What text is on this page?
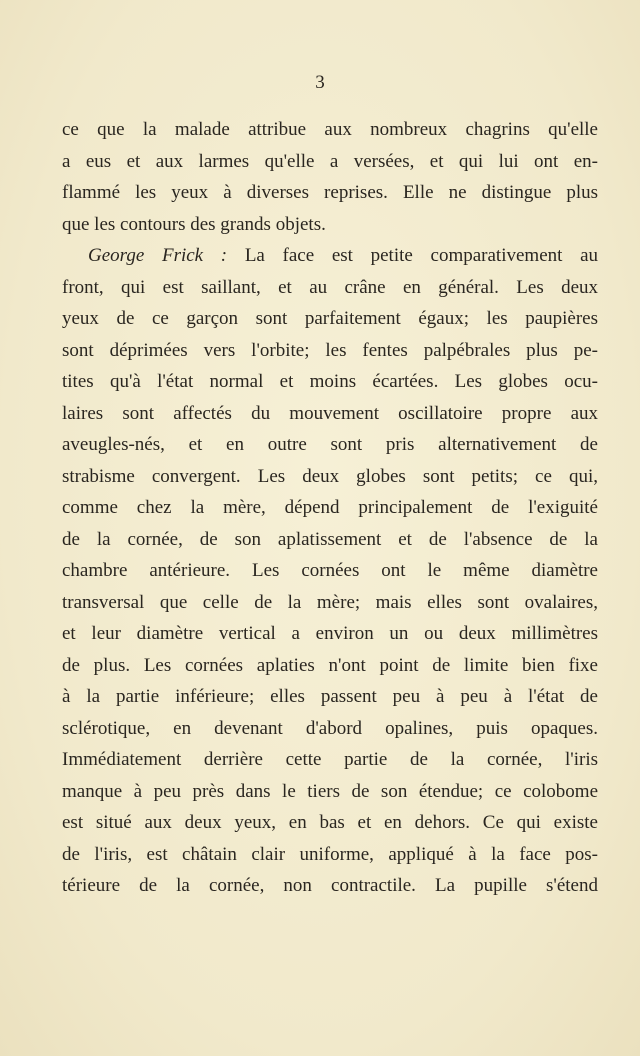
3
ce que la malade attribue aux nombreux chagrins qu'elle
a eus et aux larmes qu'elle a versées, et qui lui ont en-
flammé les yeux à diverses reprises. Elle ne distingue plus
que les contours des grands objets.
George Frick : La face est petite comparativement au
front, qui est saillant, et au crâne en général. Les deux
yeux de ce garçon sont parfaitement égaux; les paupières
sont déprimées vers l'orbite; les fentes palpébrales plus pe-
tites qu'à l'état normal et moins écartées. Les globes ocu-
laires sont affectés du mouvement oscillatoire propre aux
aveugles-nés, et en outre sont pris alternativement de
strabisme convergent. Les deux globes sont petits; ce qui,
comme chez la mère, dépend principalement de l'exiguité
de la cornée, de son aplatissement et de l'absence de la
chambre antérieure. Les cornées ont le même diamètre
transversal que celle de la mère; mais elles sont ovalaires,
et leur diamètre vertical a environ un ou deux millimètres
de plus. Les cornées aplaties n'ont point de limite bien fixe
à la partie inférieure; elles passent peu à peu à l'état de
sclérotique, en devenant d'abord opalines, puis opaques.
Immédiatement derrière cette partie de la cornée, l'iris
manque à peu près dans le tiers de son étendue; ce colobome
est situé aux deux yeux, en bas et en dehors. Ce qui existe
de l'iris, est châtain clair uniforme, appliqué à la face pos-
térieure de la cornée, non contractile. La pupille s'étend
